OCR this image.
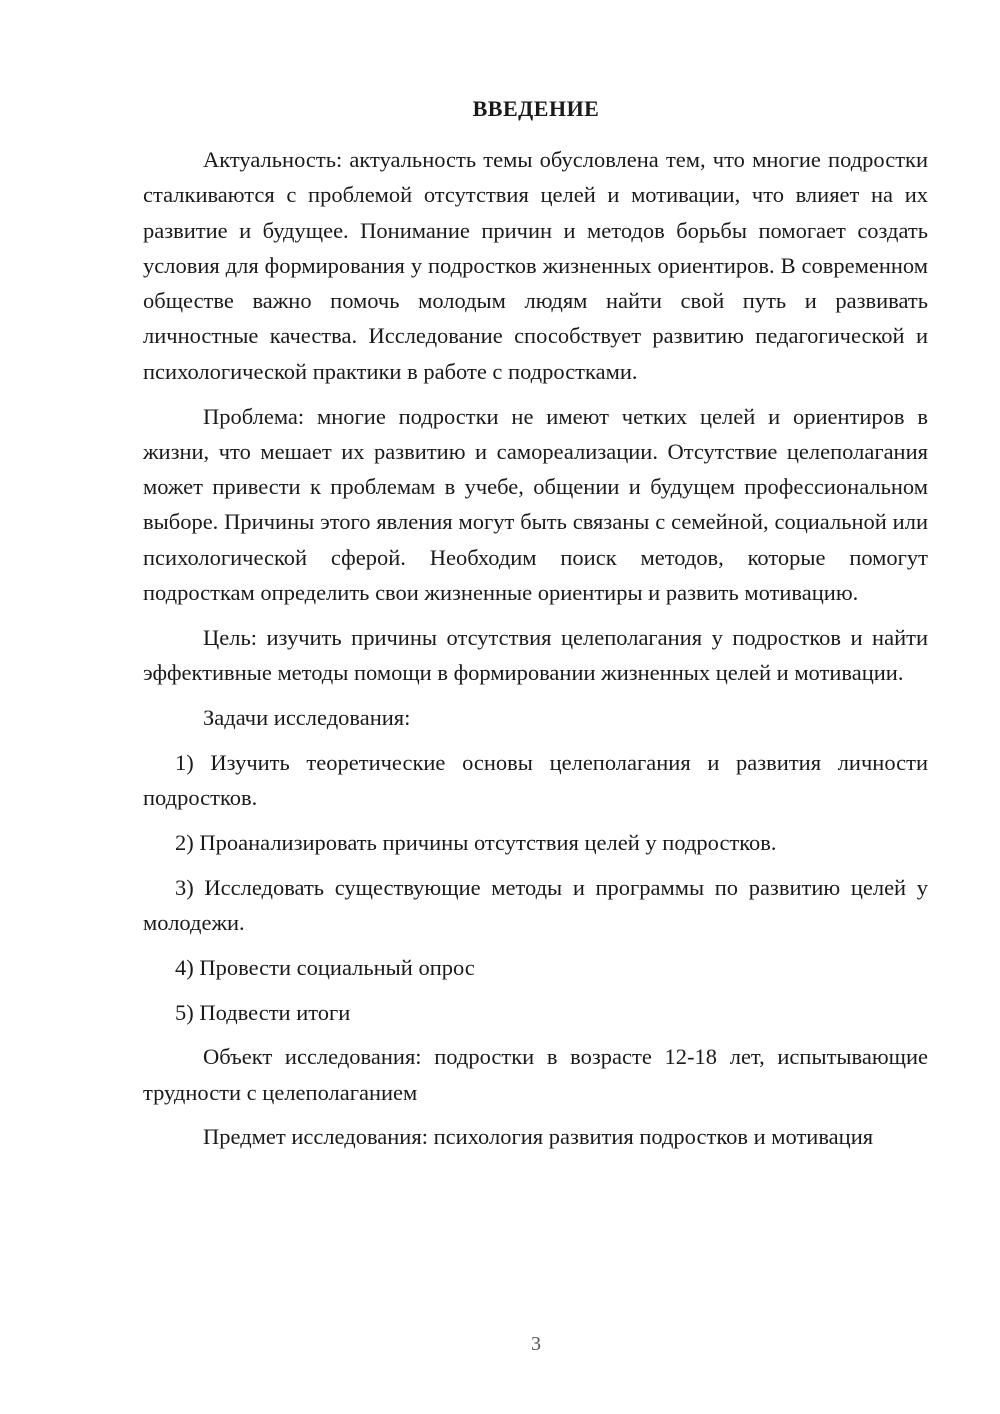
ВВЕДЕНИЕ

Актуальность: актуальность темы обусловлена тем, что многие подростки сталкиваются с проблемой отсутствия целей и мотивации, что влияет на их развитие и будущее. Понимание причин и методов борьбы помогает создать условия для формирования у подростков жизненных ориентиров. В современном обществе важно помочь молодым людям найти свой путь и развивать личностные качества. Исследование способствует развитию педагогической и психологической практики в работе с подростками.

Проблема: многие подростки не имеют четких целей и ориентиров в жизни, что мешает их развитию и самореализации. Отсутствие целеполагания может привести к проблемам в учебе, общении и будущем профессиональном выборе. Причины этого явления могут быть связаны с семейной, социальной или психологической сферой. Необходим поиск методов, которые помогут подросткам определить свои жизненные ориентиры и развить мотивацию.

Цель: изучить причины отсутствия целеполагания у подростков и найти эффективные методы помощи в формировании жизненных целей и мотивации.

Задачи исследования:

1) Изучить теоретические основы целеполагания и развития личности подростков.

2) Проанализировать причины отсутствия целей у подростков.

3) Исследовать существующие методы и программы по развитию целей у молодежи.

4) Провести социальный опрос

5) Подвести итоги

Объект исследования: подростки в возрасте 12-18 лет, испытывающие трудности с целеполаганием

Предмет исследования: психология развития подростков и мотивация

3
